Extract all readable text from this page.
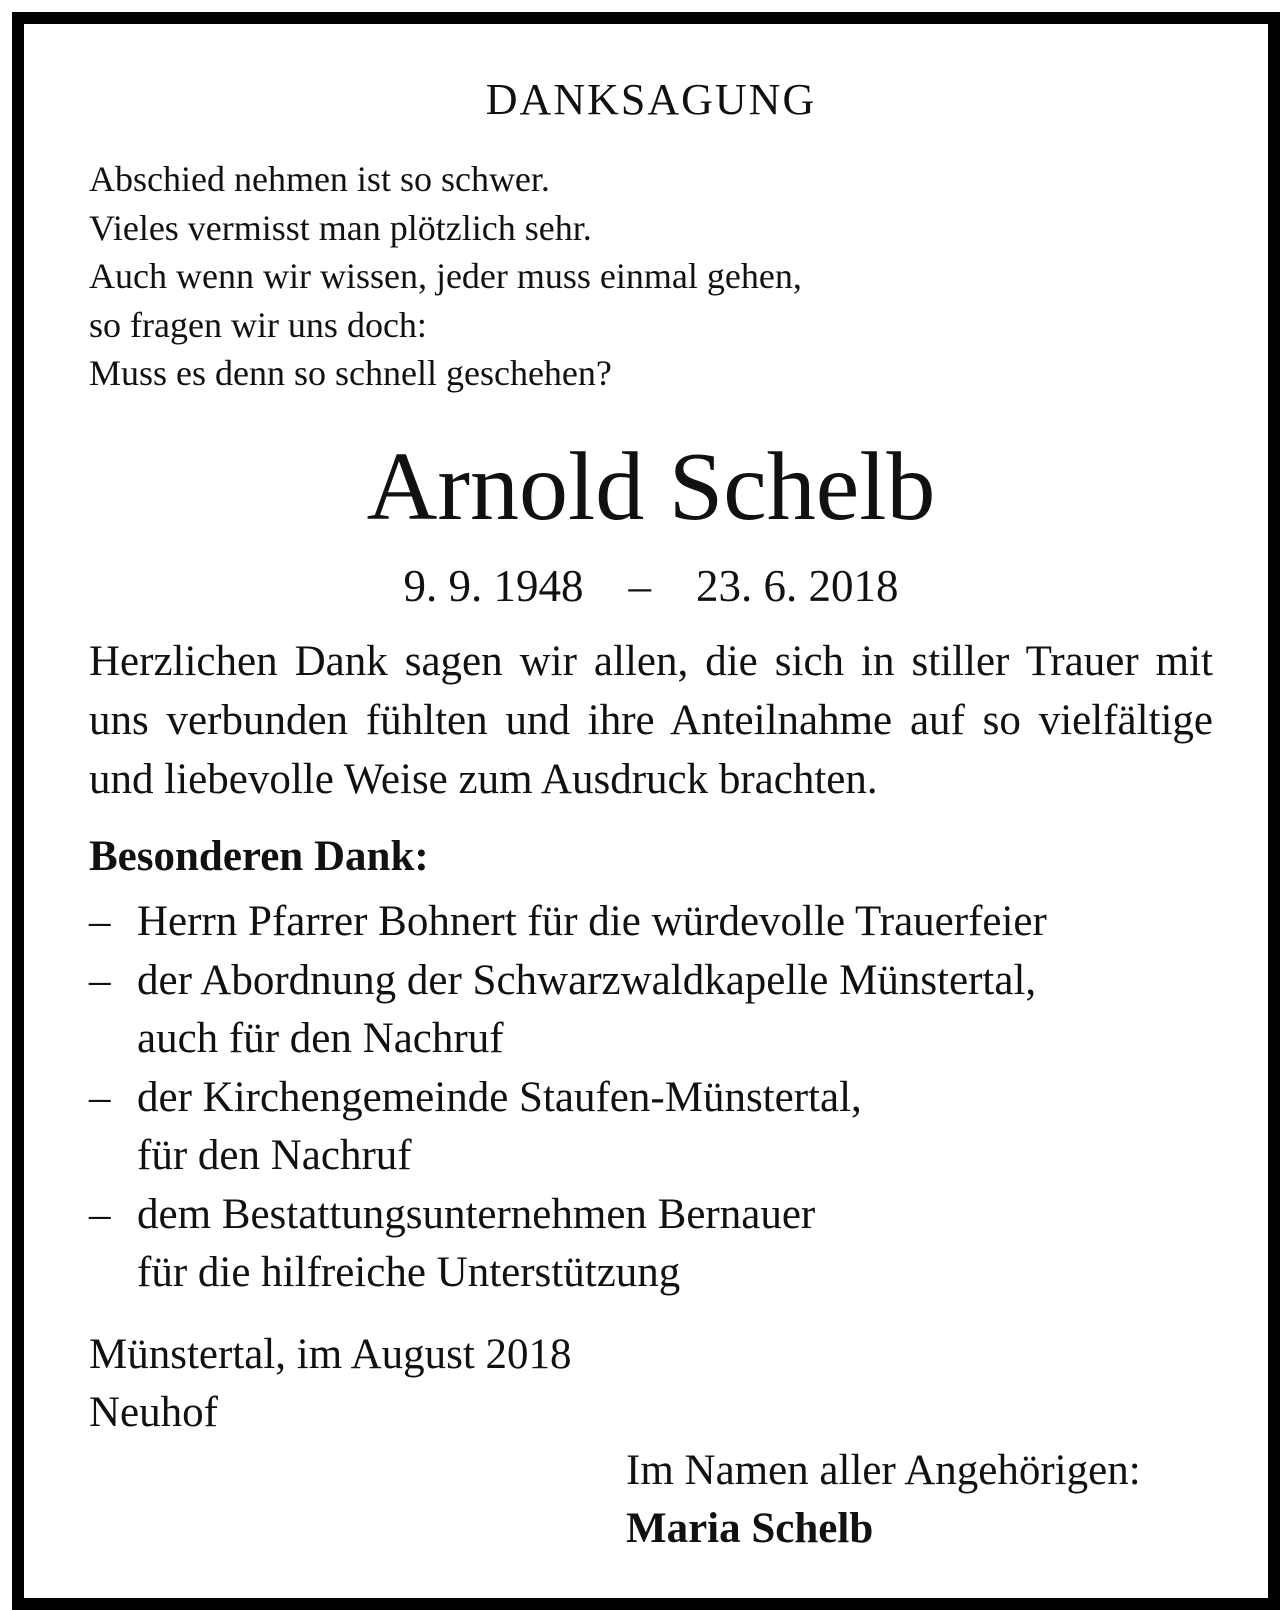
DANKSAGUNG
Abschied nehmen ist so schwer.
Vieles vermisst man plötzlich sehr.
Auch wenn wir wissen, jeder muss einmal gehen,
so fragen wir uns doch:
Muss es denn so schnell geschehen?
Arnold Schelb
9. 9. 1948    –    23. 6. 2018
Herzlichen Dank sagen wir allen, die sich in stiller Trauer mit uns verbunden fühlten und ihre Anteilnahme auf so vielfältige und liebevolle Weise zum Ausdruck brachten.
Besonderen Dank:
– Herrn Pfarrer Bohnert für die würdevolle Trauerfeier
– der Abordnung der Schwarzwaldkapelle Münstertal,
auch für den Nachruf
– der Kirchengemeinde Staufen-Münstertal,
für den Nachruf
– dem Bestattungsunternehmen Bernauer
für die hilfreiche Unterstützung
Münstertal, im August 2018
Neuhof
Im Namen aller Angehörigen:
Maria Schelb
